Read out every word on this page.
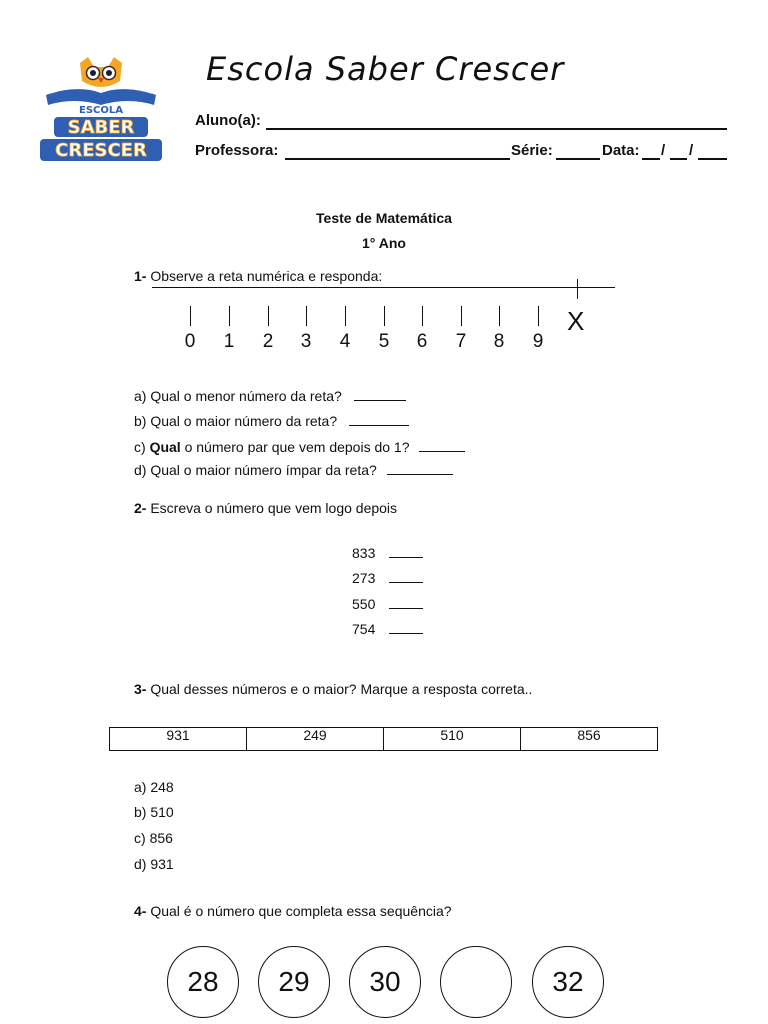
ESCOLA
SABER
CRESCER
Escola Saber Crescer
Aluno(a):
Professora:	Série:	Data: / /
Teste de Matemática
1° Ano
1- Observe a reta numérica e responda:
X
0 1 2 3 4 5 6 7 8 9
a) Qual o menor número da reta?
b) Qual o maior número da reta?
c) Qual o número par que vem depois do 1?
d) Qual o maior número ímpar da reta?
2- Escreva o número que vem logo depois
833
273
550
754
3- Qual desses números e o maior? Marque a resposta correta..
931	249	510	856
a) 248
b) 510
c) 856
d) 931
4- Qual é o número que completa essa sequência?
28	29	30	32
